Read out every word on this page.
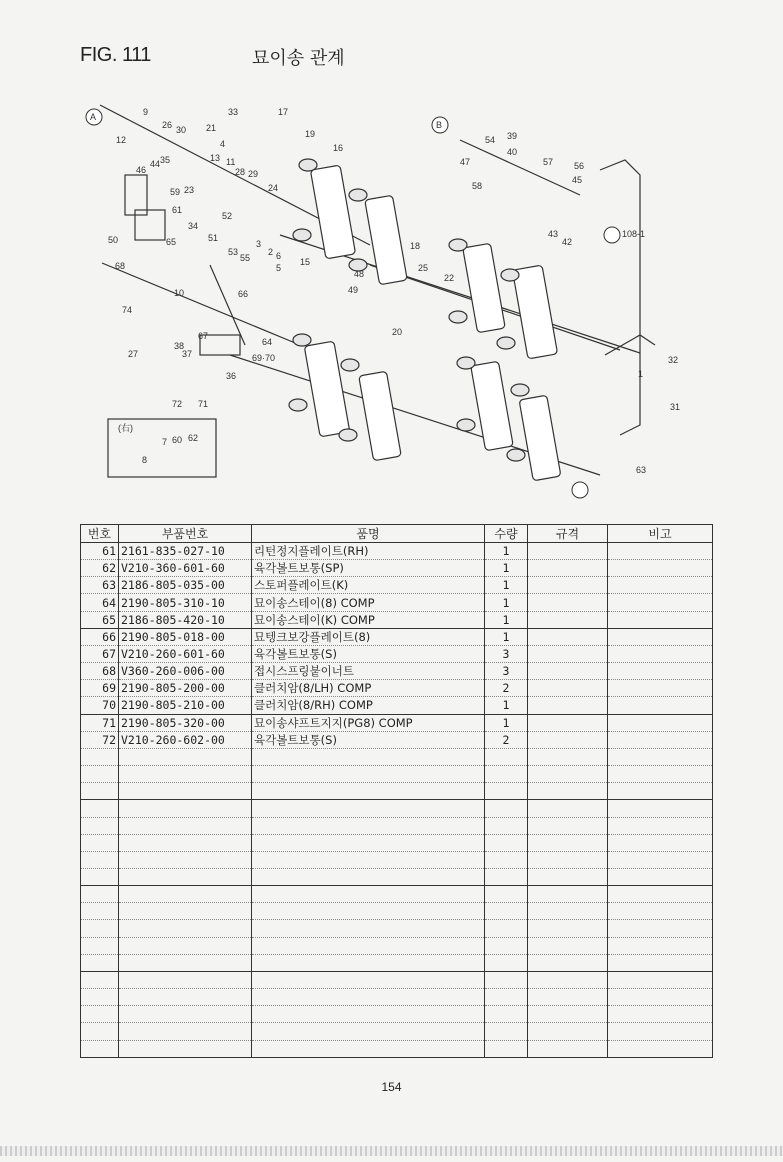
FIG. 111	묘이송 관계
A	9
12
26 30 21
33	17
19
16
B
54 39
40
47	57 56
45
58
4
13 11
28 29
24
46
44 35
59 23
61
34
52
51
53
55
3
2 6
5
15
18
50	65
68
66
74
10
67
64
69·70
27
38
37
36
71
72
49
48
25
22
20
108-1
32
31
63
43
42
1
62
60
8
7
(右)
번호	부품번호	품명	수량	규격	비고
61	2161-835-027-10	리턴정지플레이트(RH)	1		
62	V210-360-601-60	육각볼트보통(SP)	1		
63	2186-805-035-00	스토퍼플레이트(K)	1		
64	2190-805-310-10	묘이송스테이(8) COMP	1		
65	2186-805-420-10	묘이송스테이(K) COMP	1		
66	2190-805-018-00	묘텡크보강플레이트(8)	1		
67	V210-260-601-60	육각볼트보통(S)	3		
68	V360-260-006-00	접시스프링붙이너트	3		
69	2190-805-200-00	클러치암(8/LH) COMP	2		
70	2190-805-210-00	클러치암(8/RH) COMP	1		
71	2190-805-320-00	묘이송샤프트지지(PG8) COMP	1		
72	V210-260-602-00	육각볼트보통(S)	2		

154
